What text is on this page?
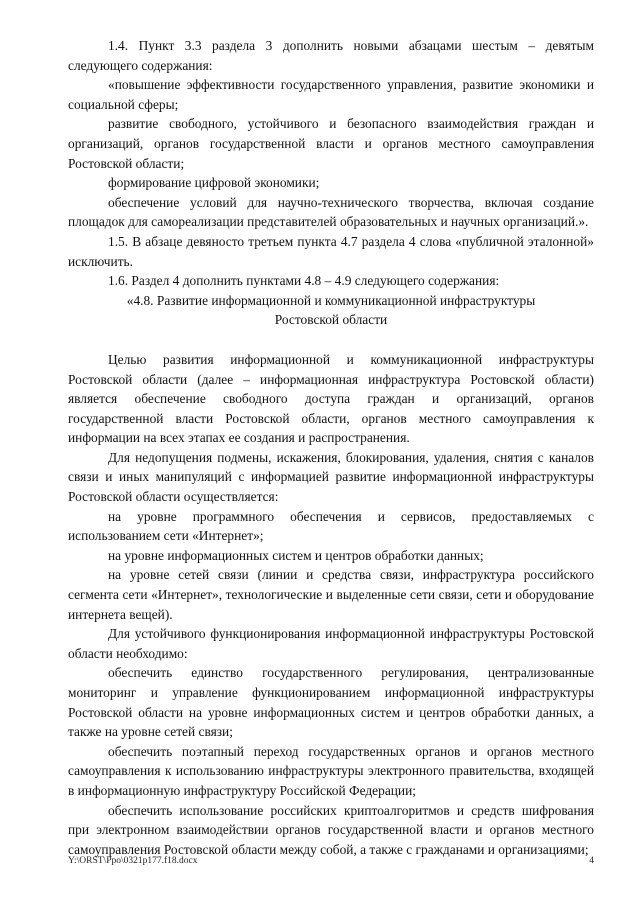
1.4. Пункт 3.3 раздела 3 дополнить новыми абзацами шестым – девятым следующего содержания:

«повышение эффективности государственного управления, развитие экономики и социальной сферы;

развитие свободного, устойчивого и безопасного взаимодействия граждан и организаций, органов государственной власти и органов местного самоуправления Ростовской области;

формирование цифровой экономики;

обеспечение условий для научно-технического творчества, включая создание площадок для самореализации представителей образовательных и научных организаций.».

1.5. В абзаце девяносто третьем пункта 4.7 раздела 4 слова «публичной эталонной» исключить.

1.6. Раздел 4 дополнить пунктами 4.8 – 4.9 следующего содержания:

«4.8. Развитие информационной и коммуникационной инфраструктуры
Ростовской области

Целью развития информационной и коммуникационной инфраструктуры Ростовской области (далее – информационная инфраструктура Ростовской области) является обеспечение свободного доступа граждан и организаций, органов государственной власти Ростовской области, органов местного самоуправления к информации на всех этапах ее создания и распространения.

Для недопущения подмены, искажения, блокирования, удаления, снятия с каналов связи и иных манипуляций с информацией развитие информационной инфраструктуры Ростовской области осуществляется:

на уровне программного обеспечения и сервисов, предоставляемых с использованием сети «Интернет»;

на уровне информационных систем и центров обработки данных;

на уровне сетей связи (линии и средства связи, инфраструктура российского сегмента сети «Интернет», технологические и выделенные сети связи, сети и оборудование интернета вещей).

Для устойчивого функционирования информационной инфраструктуры Ростовской области необходимо:

обеспечить единство государственного регулирования, централизованные мониторинг и управление функционированием информационной инфраструктуры Ростовской области на уровне информационных систем и центров обработки данных, а также на уровне сетей связи;

обеспечить поэтапный переход государственных органов и органов местного самоуправления к использованию инфраструктуры электронного правительства, входящей в информационную инфраструктуру Российской Федерации;

обеспечить использование российских криптоалгоритмов и средств шифрования при электронном взаимодействии органов государственной власти и органов местного самоуправления Ростовской области между собой, а также с гражданами и организациями;

Y:\ORST\Ppo\0321p177.f18.docx	4
